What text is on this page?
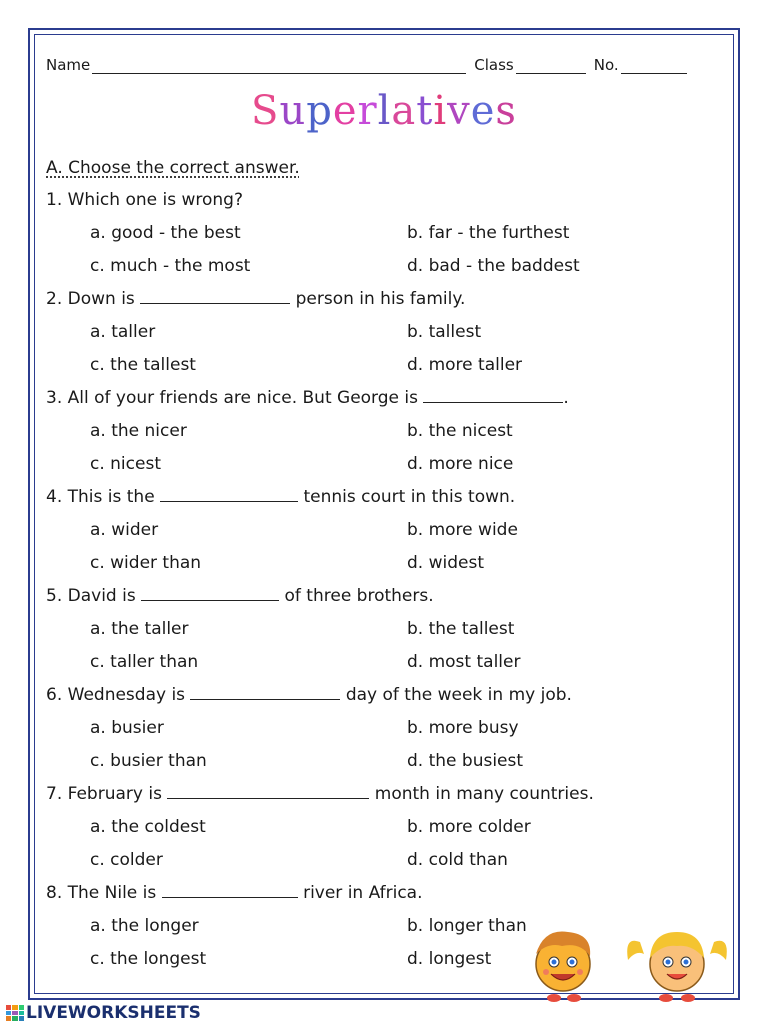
Name	Class	No.
Superlatives
A. Choose the correct answer.
1. Which one is wrong?
a. good - the best	b. far - the furthest
c. much - the most	d. bad - the baddest
2. Down is	person in his family.
a. taller	b. tallest
c. the tallest	d. more taller
3. All of your friends are nice. But George is	.
a. the nicer	b. the nicest
c. nicest	d. more nice
4. This is the	tennis court in this town.
a. wider	b. more wide
c. wider than	d. widest
5. David is	of three brothers.
a. the taller	b. the tallest
c. taller than	d. most taller
6. Wednesday is	day of the week in my job.
a. busier	b. more busy
c. busier than	d. the busiest
7. February is	month in many countries.
a. the coldest	b. more colder
c. colder	d. cold than
8. The Nile is	river in Africa.
a. the longer	b. longer than
c. the longest	d. longest
LIVEWORKSHEETS
